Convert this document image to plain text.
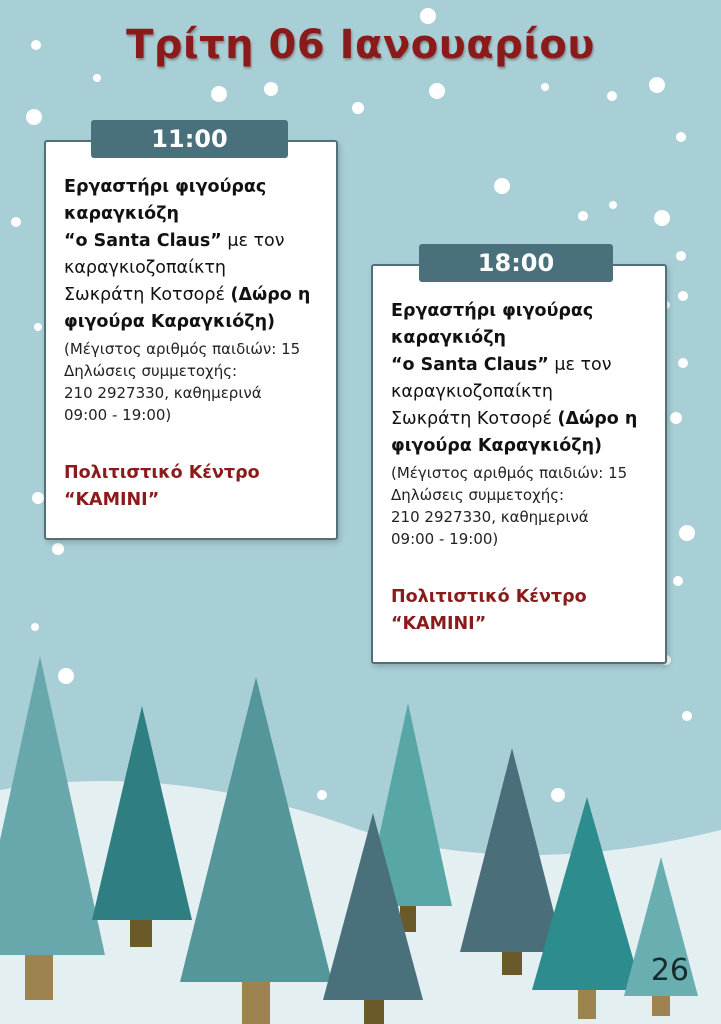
Τρίτη 06 Ιανουαρίου
11:00
Εργαστήρι φιγούρας
καραγκιόζη
“ο Santa Claus” με τον
καραγκιοζοπαίκτη
Σωκράτη Κοτσορέ (Δώρο η
φιγούρα Καραγκιόζη)
(Μέγιστος αριθμός παιδιών: 15
Δηλώσεις συμμετοχής:
210 2927330, καθημερινά
09:00 - 19:00)
Πολιτιστικό Κέντρο
“ΚΑΜΙΝΙ”
18:00
Εργαστήρι φιγούρας
καραγκιόζη
“ο Santa Claus” με τον
καραγκιοζοπαίκτη
Σωκράτη Κοτσορέ (Δώρο η
φιγούρα Καραγκιόζη)
(Μέγιστος αριθμός παιδιών: 15
Δηλώσεις συμμετοχής:
210 2927330, καθημερινά
09:00 - 19:00)
Πολιτιστικό Κέντρο
“ΚΑΜΙΝΙ”
26
